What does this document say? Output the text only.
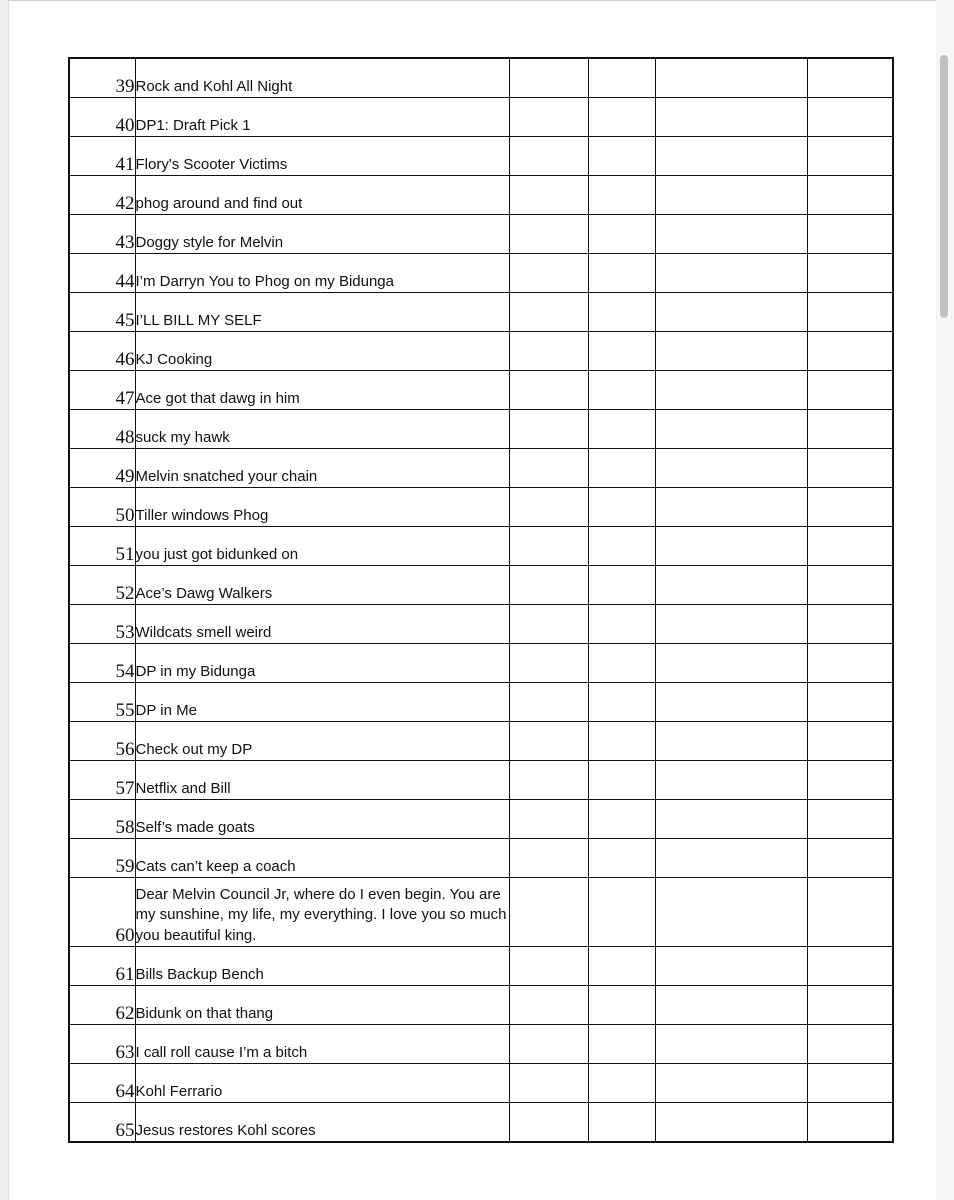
39	Rock and Kohl All Night				
40	DP1: Draft Pick 1				
41	Flory's Scooter Victims				
42	phog around and find out				
43	Doggy style for Melvin				
44	I’m Darryn You to Phog on my Bidunga				
45	I’LL BILL MY SELF				
46	KJ Cooking				
47	Ace got that dawg in him				
48	suck my hawk				
49	Melvin snatched your chain				
50	Tiller windows Phog				
51	you just got bidunked on				
52	Ace’s Dawg Walkers				
53	Wildcats smell weird				
54	DP in my Bidunga				
55	DP in Me				
56	Check out my DP				
57	Netflix and Bill				
58	Self’s made goats				
59	Cats can’t keep a coach				
60	Dear Melvin Council Jr, where do I even begin. You are my sunshine, my life, my everything. I love you so much you beautiful king.				
61	Bills Backup Bench				
62	Bidunk on that thang				
63	I call roll cause I’m a bitch				
64	Kohl Ferrario				
65	Jesus restores Kohl scores				
